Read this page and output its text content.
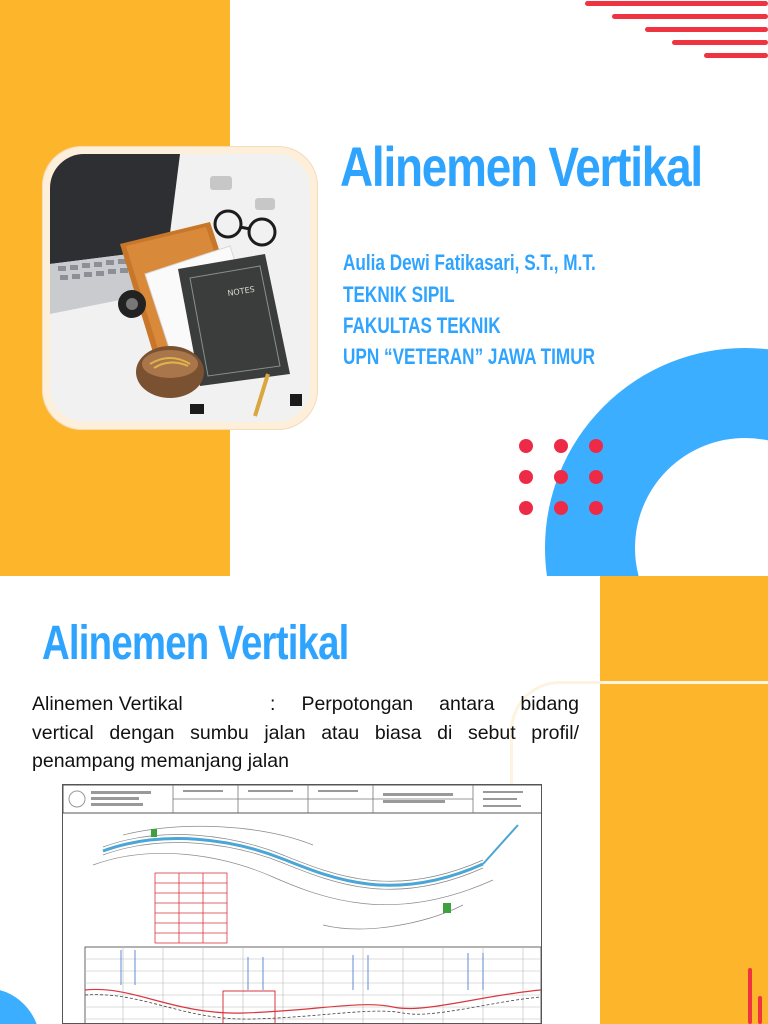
NOTES
Alinemen Vertikal
Aulia Dewi Fatikasari, S.T., M.T.
TEKNIK SIPIL
FAKULTAS TEKNIK
UPN “VETERAN” JAWA TIMUR
Alinemen Vertikal
Alinemen Vertikal	: Perpotongan antara bidang vertical dengan sumbu jalan atau biasa di sebut profil/ penampang memanjang jalan
